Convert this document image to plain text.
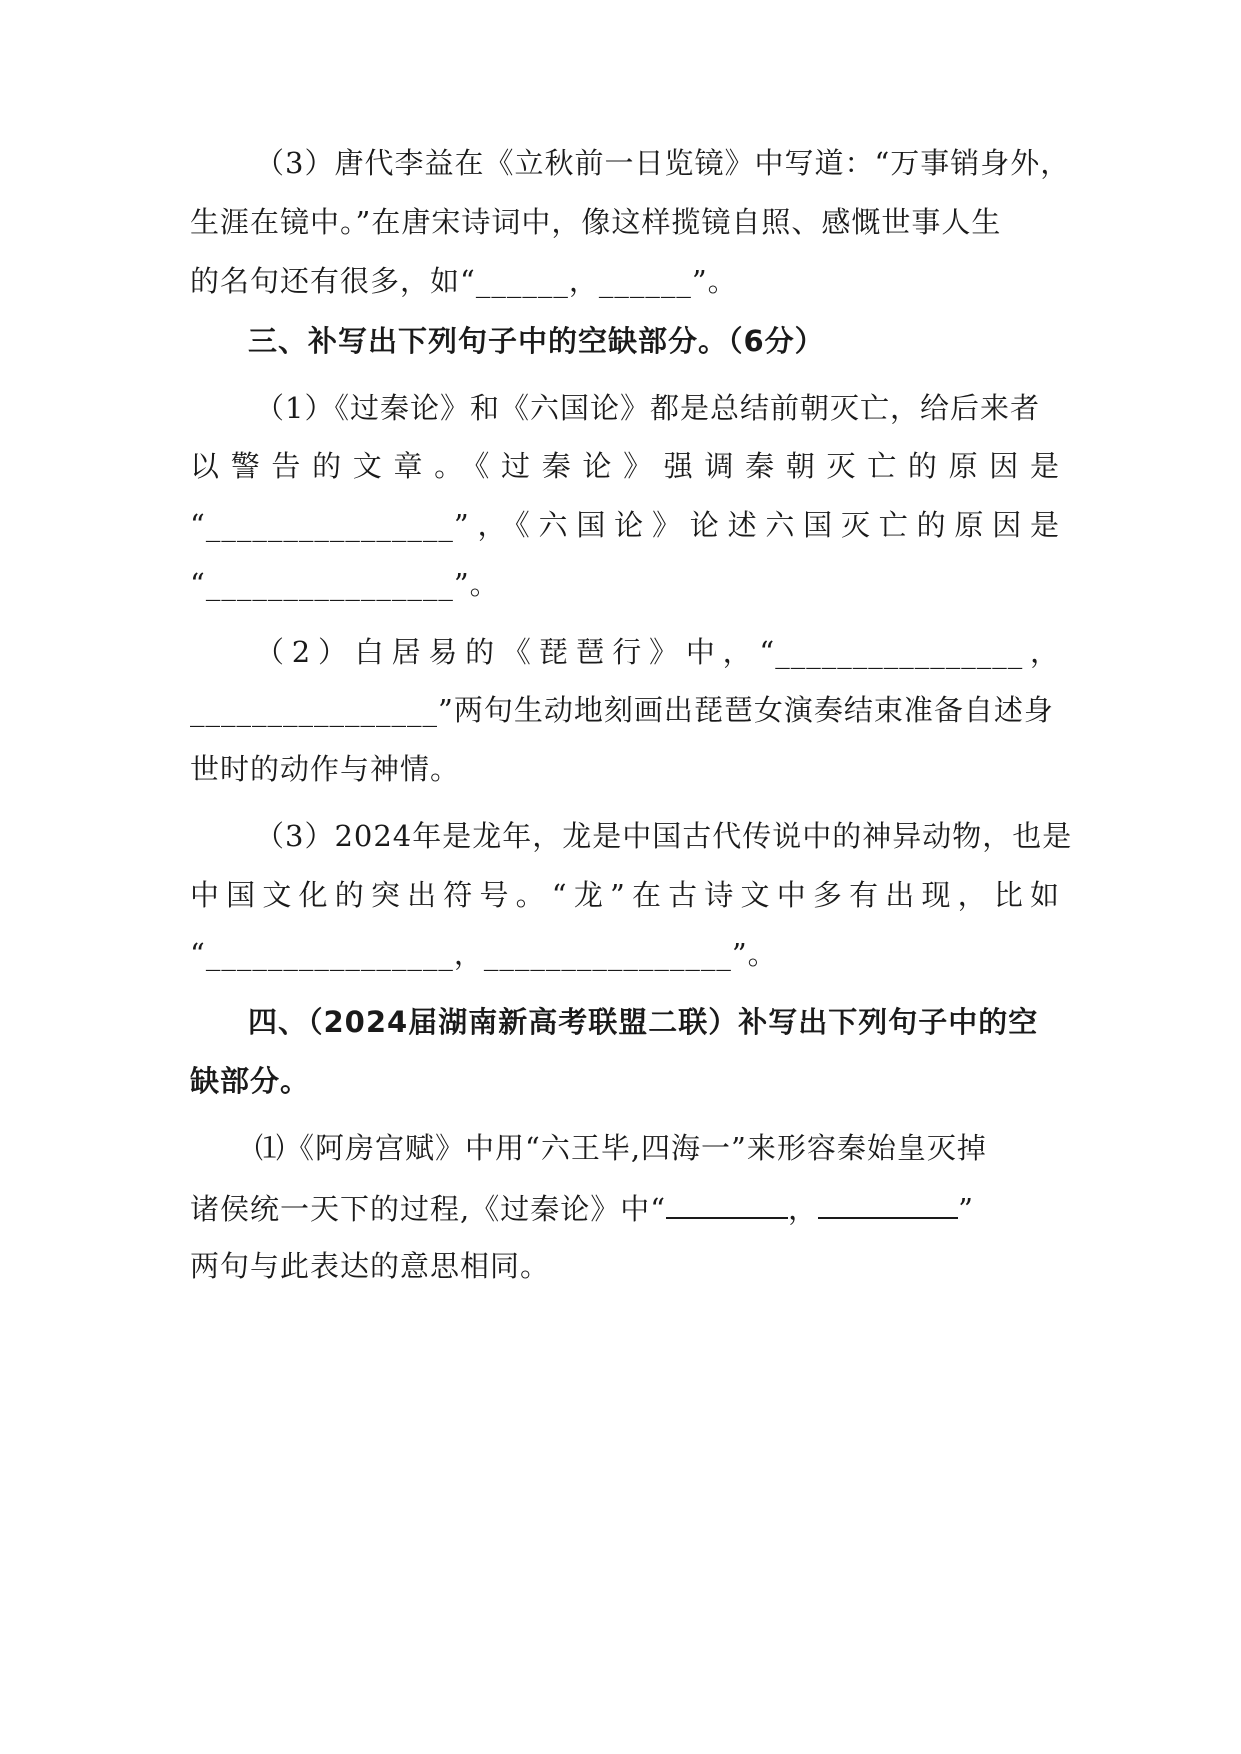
（3）唐代李益在《立秋前一日览镜》中写道：“万事销身外，
生涯在镜中。”在唐宋诗词中，像这样揽镜自照、感慨世事人生
的名句还有很多，如“______，______”。
三、补写出下列句子中的空缺部分。（6分）
（1）《过秦论》和《六国论》都是总结前朝灭亡，给后来者
以警告的文章。《过秦论》强调秦朝灭亡的原因是
“________________”，《六国论》论述六国灭亡的原因是
“________________”。
（2）白居易的《琵琶行》中，“________________，
________________”两句生动地刻画出琵琶女演奏结束准备自述身
世时的动作与神情。
（3）2024年是龙年，龙是中国古代传说中的神异动物，也是
中国文化的突出符号。“龙”在古诗文中多有出现，比如
“________________，________________”。
四、（2024届湖南新高考联盟二联）补写出下列句子中的空
缺部分。
⑴《阿房宫赋》中用“六王毕,四海一”来形容秦始皇灭掉
诸侯统一天下的过程,《过秦论》中“	，	”
两句与此表达的意思相同。
